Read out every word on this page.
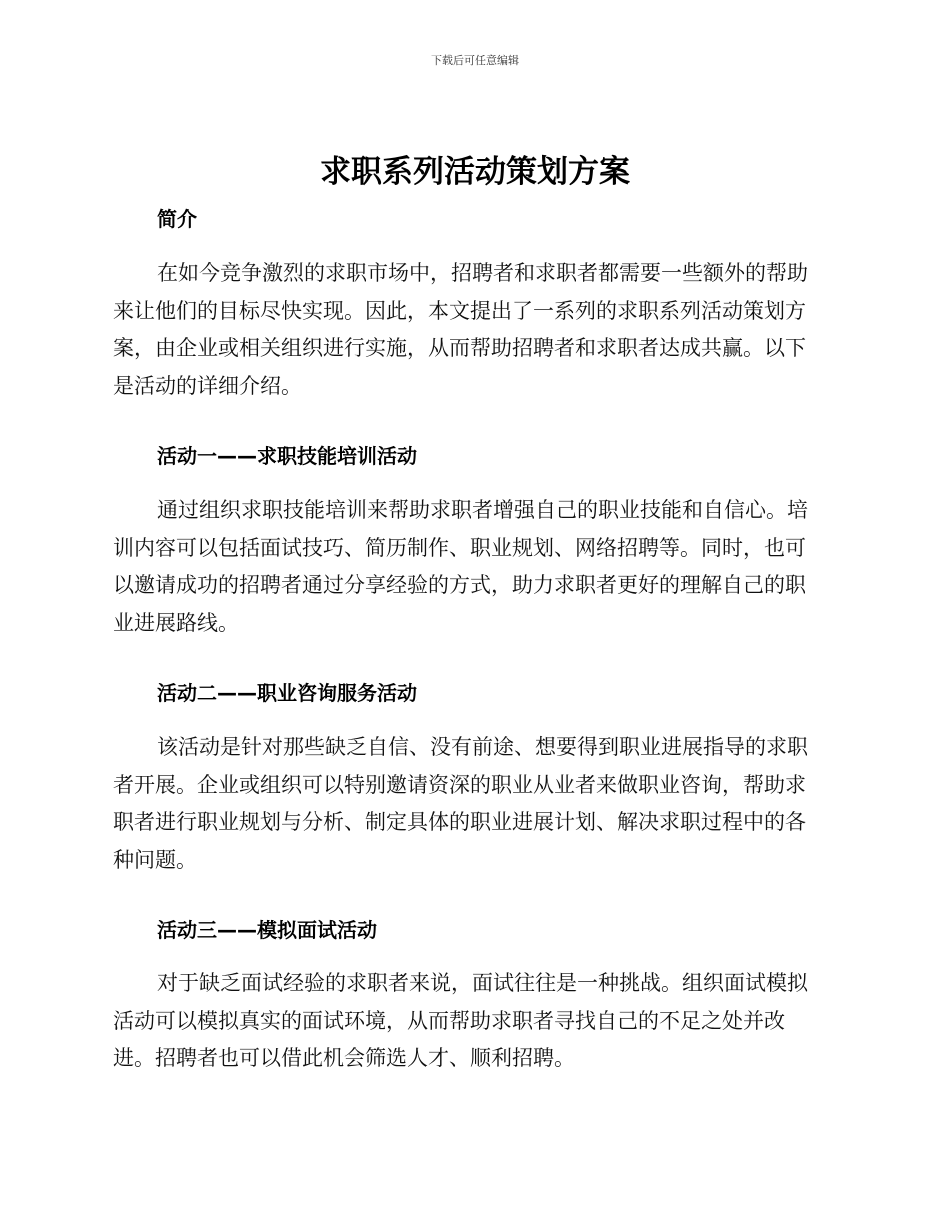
下载后可任意编辑
求职系列活动策划方案
简介

在如今竞争激烈的求职市场中，招聘者和求职者都需要一些额外的帮助
来让他们的目标尽快实现。因此，本文提出了一系列的求职系列活动策划方
案，由企业或相关组织进行实施，从而帮助招聘者和求职者达成共赢。以下
是活动的详细介绍。

活动一——求职技能培训活动

通过组织求职技能培训来帮助求职者增强自己的职业技能和自信心。培
训内容可以包括面试技巧、简历制作、职业规划、网络招聘等。同时，也可
以邀请成功的招聘者通过分享经验的方式，助力求职者更好的理解自己的职
业进展路线。

活动二——职业咨询服务活动

该活动是针对那些缺乏自信、没有前途、想要得到职业进展指导的求职
者开展。企业或组织可以特别邀请资深的职业从业者来做职业咨询，帮助求
职者进行职业规划与分析、制定具体的职业进展计划、解决求职过程中的各
种问题。

活动三——模拟面试活动

对于缺乏面试经验的求职者来说，面试往往是一种挑战。组织面试模拟
活动可以模拟真实的面试环境，从而帮助求职者寻找自己的不足之处并改
进。招聘者也可以借此机会筛选人才、顺利招聘。
